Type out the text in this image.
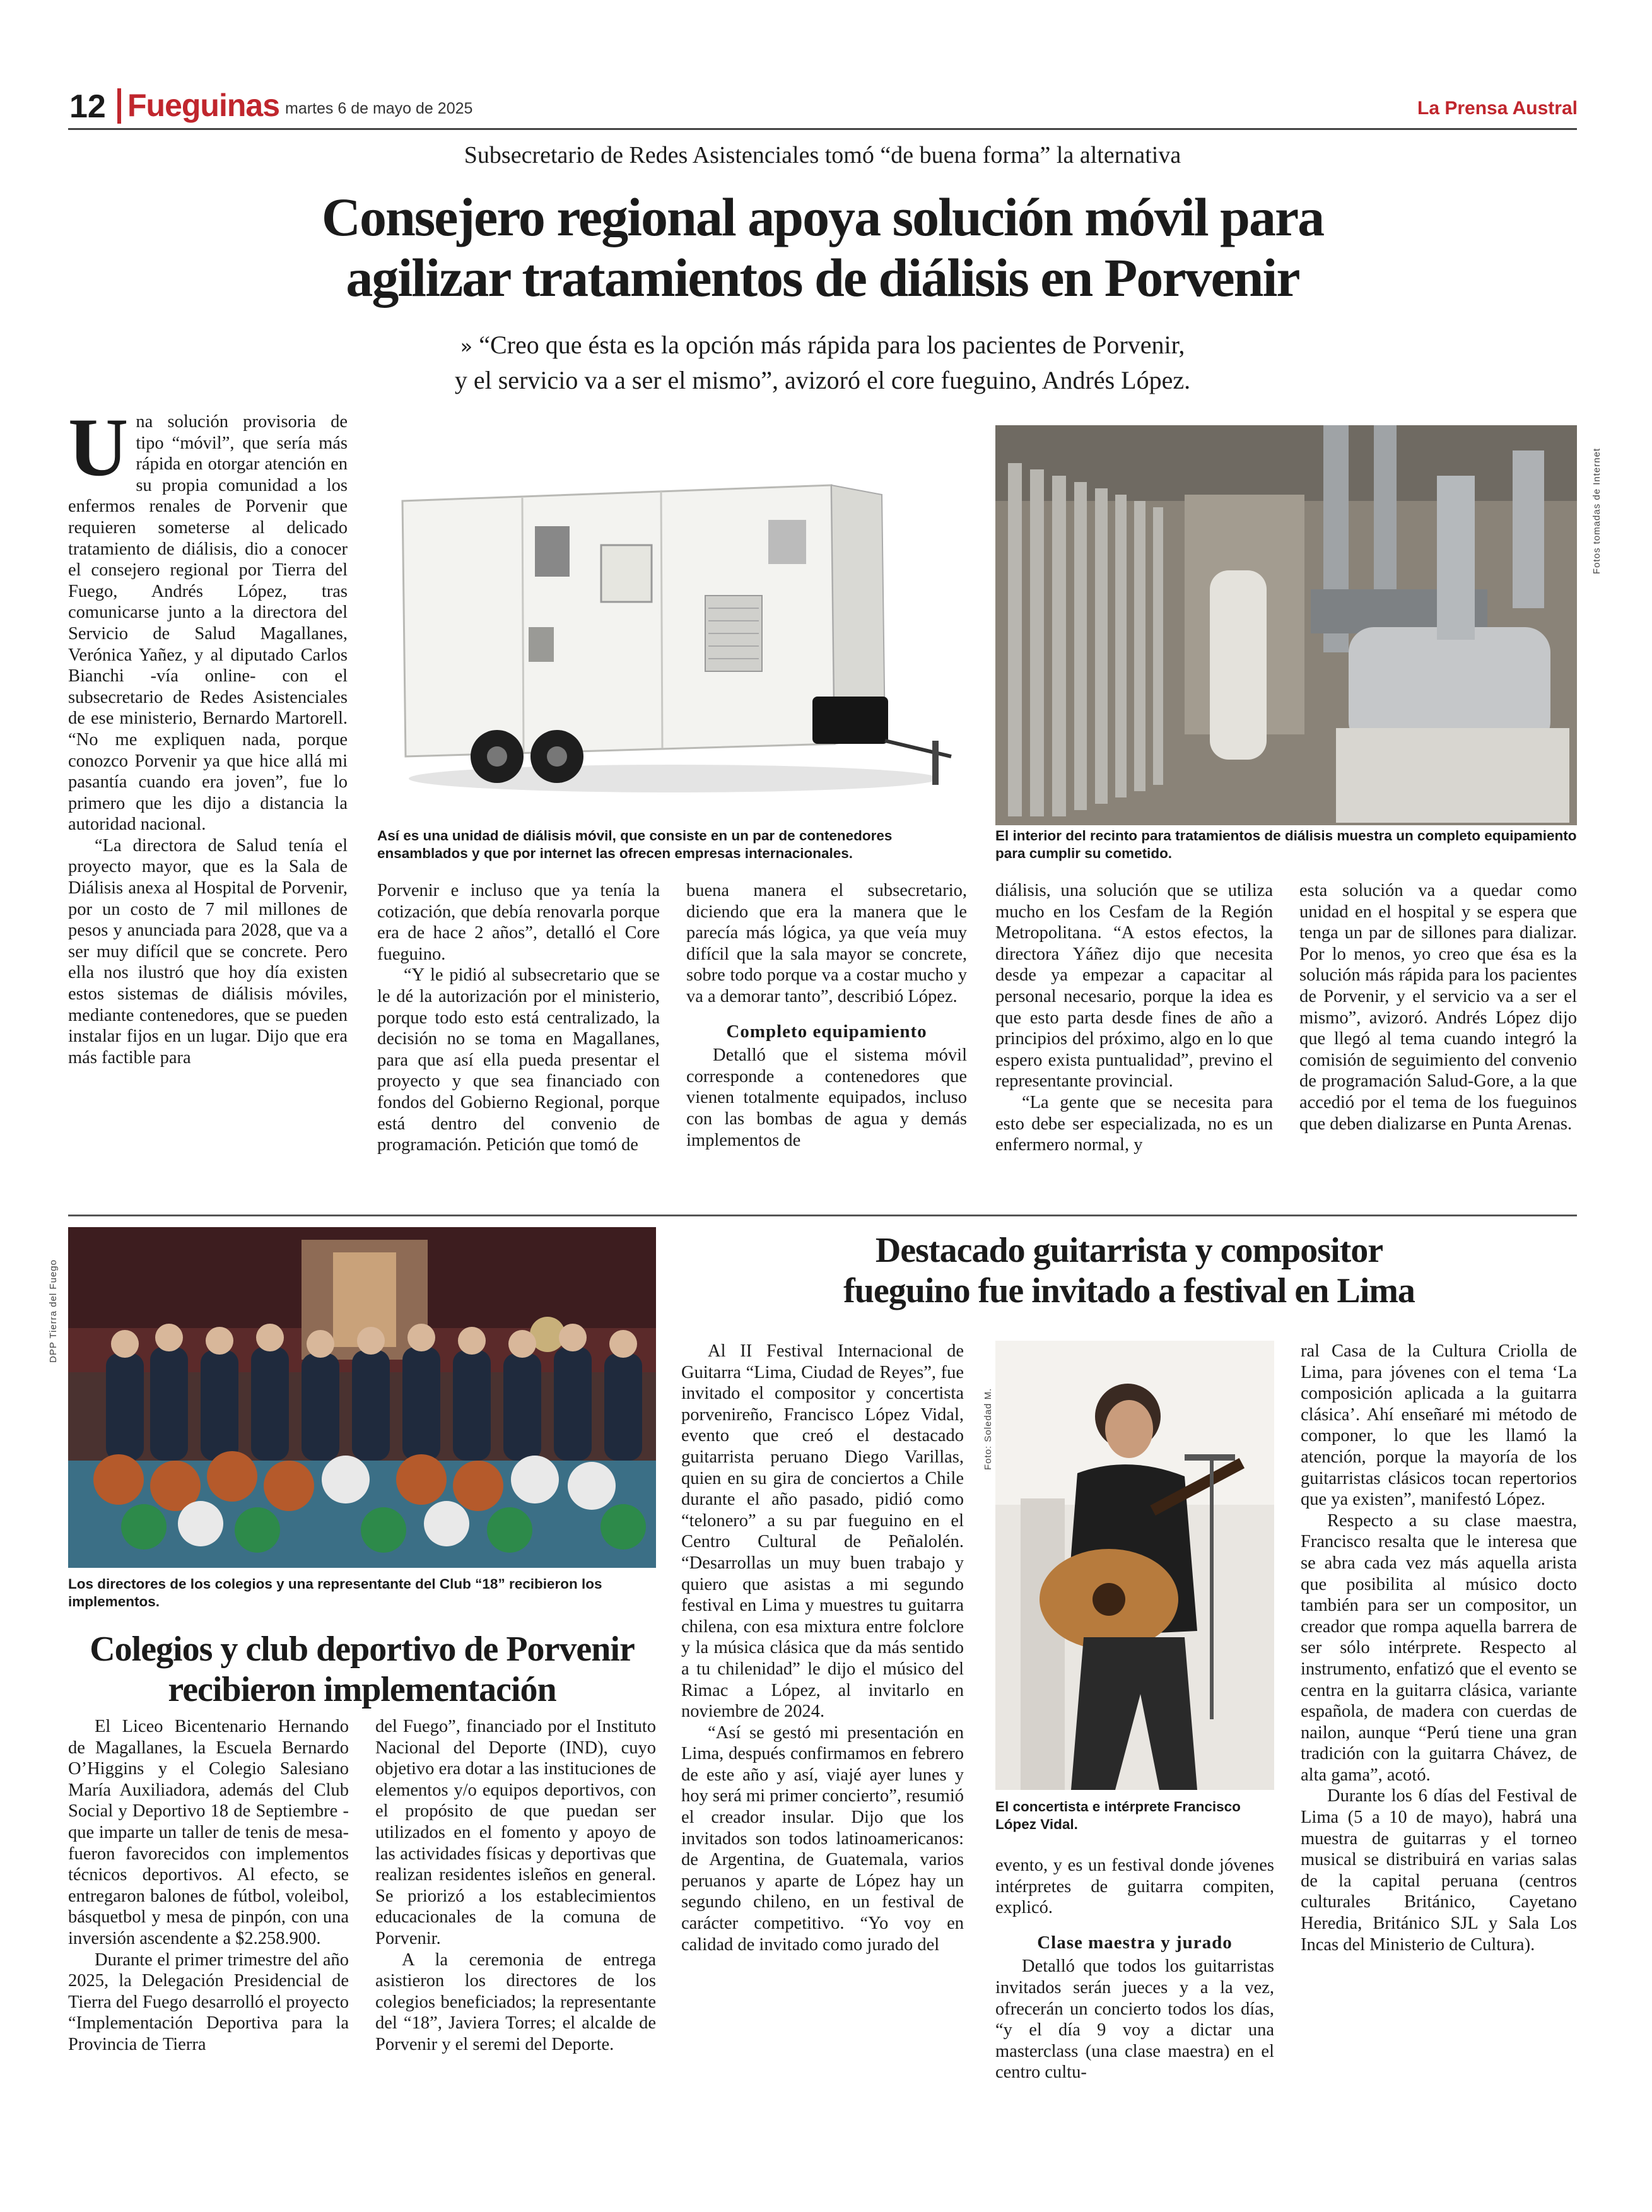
12 Fueguinas martes 6 de mayo de 2025	La Prensa Austral
Subsecretario de Redes Asistenciales tomó “de buena forma” la alternativa
Consejero regional apoya solución móvil para
agilizar tratamientos de diálisis en Porvenir
» “Creo que ésta es la opción más rápida para los pacientes de Porvenir,
y el servicio va a ser el mismo”, avizoró el core fueguino, Andrés López.

Una solución provisoria de tipo “móvil”, que sería más rápida en otorgar atención en su propia comunidad a los enfermos renales de Porvenir que requieren someterse al delicado tratamiento de diálisis, dio a conocer el consejero regional por Tierra del Fuego, Andrés López, tras comunicarse junto a la directora del Servicio de Salud Magallanes, Verónica Yañez, y al diputado Carlos Bianchi -vía online- con el subsecretario de Redes Asistenciales de ese ministerio, Bernardo Martorell. “No me expliquen nada, porque conozco Porvenir ya que hice allá mi pasantía cuando era joven”, fue lo primero que les dijo a distancia la autoridad nacional.

“La directora de Salud tenía el proyecto mayor, que es la Sala de Diálisis anexa al Hospital de Porvenir, por un costo de 7 mil millones de pesos y anunciada para 2028, que va a ser muy difícil que se concrete. Pero ella nos ilustró que hoy día existen estos sistemas de diálisis móviles, mediante contenedores, que se pueden instalar fijos en un lugar. Dijo que era más factible para

Fotos tomadas de Internet
Así es una unidad de diálisis móvil, que consiste en un par de contenedores ensamblados y que por internet las ofrecen empresas internacionales.
El interior del recinto para tratamientos de diálisis muestra un completo equipamiento para cumplir su cometido.

Porvenir e incluso que ya tenía la cotización, que debía renovarla porque era de hace 2 años”, detalló el Core fueguino.

“Y le pidió al subsecretario que se le dé la autorización por el ministerio, porque todo esto está centralizado, la decisión no se toma en Magallanes, para que así ella pueda presentar el proyecto y que sea financiado con fondos del Gobierno Regional, porque está dentro del convenio de programación. Petición que tomó de

buena manera el subsecretario, diciendo que era la manera que le parecía más lógica, ya que veía muy difícil que la sala mayor se concrete, sobre todo porque va a costar mucho y va a demorar tanto”, describió López.

Completo equipamiento

Detalló que el sistema móvil corresponde a contenedores que vienen totalmente equipados, incluso con las bombas de agua y demás implementos de

diálisis, una solución que se utiliza mucho en los Cesfam de la Región Metropolitana. “A estos efectos, la directora Yáñez dijo que necesita desde ya empezar a capacitar al personal necesario, porque la idea es que esto parta desde fines de año a principios del próximo, algo en lo que espero exista puntualidad”, previno el representante provincial.

“La gente que se necesita para esto debe ser especializada, no es un enfermero normal, y

esta solución va a quedar como unidad en el hospital y se espera que tenga un par de sillones para dializar. Por lo menos, yo creo que ésa es la solución más rápida para los pacientes de Porvenir, y el servicio va a ser el mismo”, avizoró. Andrés López dijo que llegó al tema cuando integró la comisión de seguimiento del convenio de programación Salud-Gore, a la que accedió por el tema de los fueguinos que deben dializarse en Punta Arenas.

DPP Tierra del Fuego
Los directores de los colegios y una representante del Club “18” recibieron los implementos.
Colegios y club deportivo de Porvenir
recibieron implementación

El Liceo Bicentenario Hernando de Magallanes, la Escuela Bernardo O’Higgins y el Colegio Salesiano María Auxiliadora, además del Club Social y Deportivo 18 de Septiembre -que imparte un taller de tenis de mesa- fueron favorecidos con implementos técnicos deportivos. Al efecto, se entregaron balones de fútbol, voleibol, básquetbol y mesa de pinpón, con una inversión ascendente a $2.258.900.

Durante el primer trimestre del año 2025, la Delegación Presidencial de Tierra del Fuego desarrolló el proyecto “Implementación Deportiva para la Provincia de Tierra

del Fuego”, financiado por el Instituto Nacional del Deporte (IND), cuyo objetivo era dotar a las instituciones de elementos y/o equipos deportivos, con el propósito de que puedan ser utilizados en el fomento y apoyo de las actividades físicas y deportivas que realizan residentes isleños en general. Se priorizó a los establecimientos educacionales de la comuna de Porvenir.

A la ceremonia de entrega asistieron los directores de los colegios beneficiados; la representante del “18”, Javiera Torres; el alcalde de Porvenir y el seremi del Deporte.

Destacado guitarrista y compositor
fueguino fue invitado a festival en Lima

Al II Festival Internacional de Guitarra “Lima, Ciudad de Reyes”, fue invitado el compositor y concertista porvenireño, Francisco López Vidal, evento que creó el destacado guitarrista peruano Diego Varillas, quien en su gira de conciertos a Chile durante el año pasado, pidió como “telonero” a su par fueguino en el Centro Cultural de Peñalolén. “Desarrollas un muy buen trabajo y quiero que asistas a mi segundo festival en Lima y muestres tu guitarra chilena, con esa mixtura entre folclore y la música clásica que da más sentido a tu chilenidad” le dijo el músico del Rimac a López, al invitarlo en noviembre de 2024.

“Así se gestó mi presentación en Lima, después confirmamos en febrero de este año y así, viajé ayer lunes y hoy será mi primer concierto”, resumió el creador insular. Dijo que los invitados son todos latinoamericanos: de Argentina, de Guatemala, varios peruanos y aparte de López hay un segundo chileno, en un festival de carácter competitivo. “Yo voy en calidad de invitado como jurado del

Foto: Soledad M.
El concertista e intérprete Francisco López Vidal.

evento, y es un festival donde jóvenes intérpretes de guitarra compiten, explicó.

Clase maestra y jurado

Detalló que todos los guitarristas invitados serán jueces y a la vez, ofrecerán un concierto todos los días, “y el día 9 voy a dictar una masterclass (una clase maestra) en el centro cultu-

ral Casa de la Cultura Criolla de Lima, para jóvenes con el tema ‘La composición aplicada a la guitarra clásica’. Ahí enseñaré mi método de componer, lo que les llamó la atención, porque la mayoría de los guitarristas clásicos tocan repertorios que ya existen”, manifestó López.

Respecto a su clase maestra, Francisco resalta que le interesa que se abra cada vez más aquella arista que posibilita al músico docto también para ser un compositor, un creador que rompa aquella barrera de ser sólo intérprete. Respecto al instrumento, enfatizó que el evento se centra en la guitarra clásica, variante española, de madera con cuerdas de nailon, aunque “Perú tiene una gran tradición con la guitarra Chávez, de alta gama”, acotó.

Durante los 6 días del Festival de Lima (5 a 10 de mayo), habrá una muestra de guitarras y el torneo musical se distribuirá en varias salas de la capital peruana (centros culturales Británico, Cayetano Heredia, Británico SJL y Sala Los Incas del Ministerio de Cultura).
